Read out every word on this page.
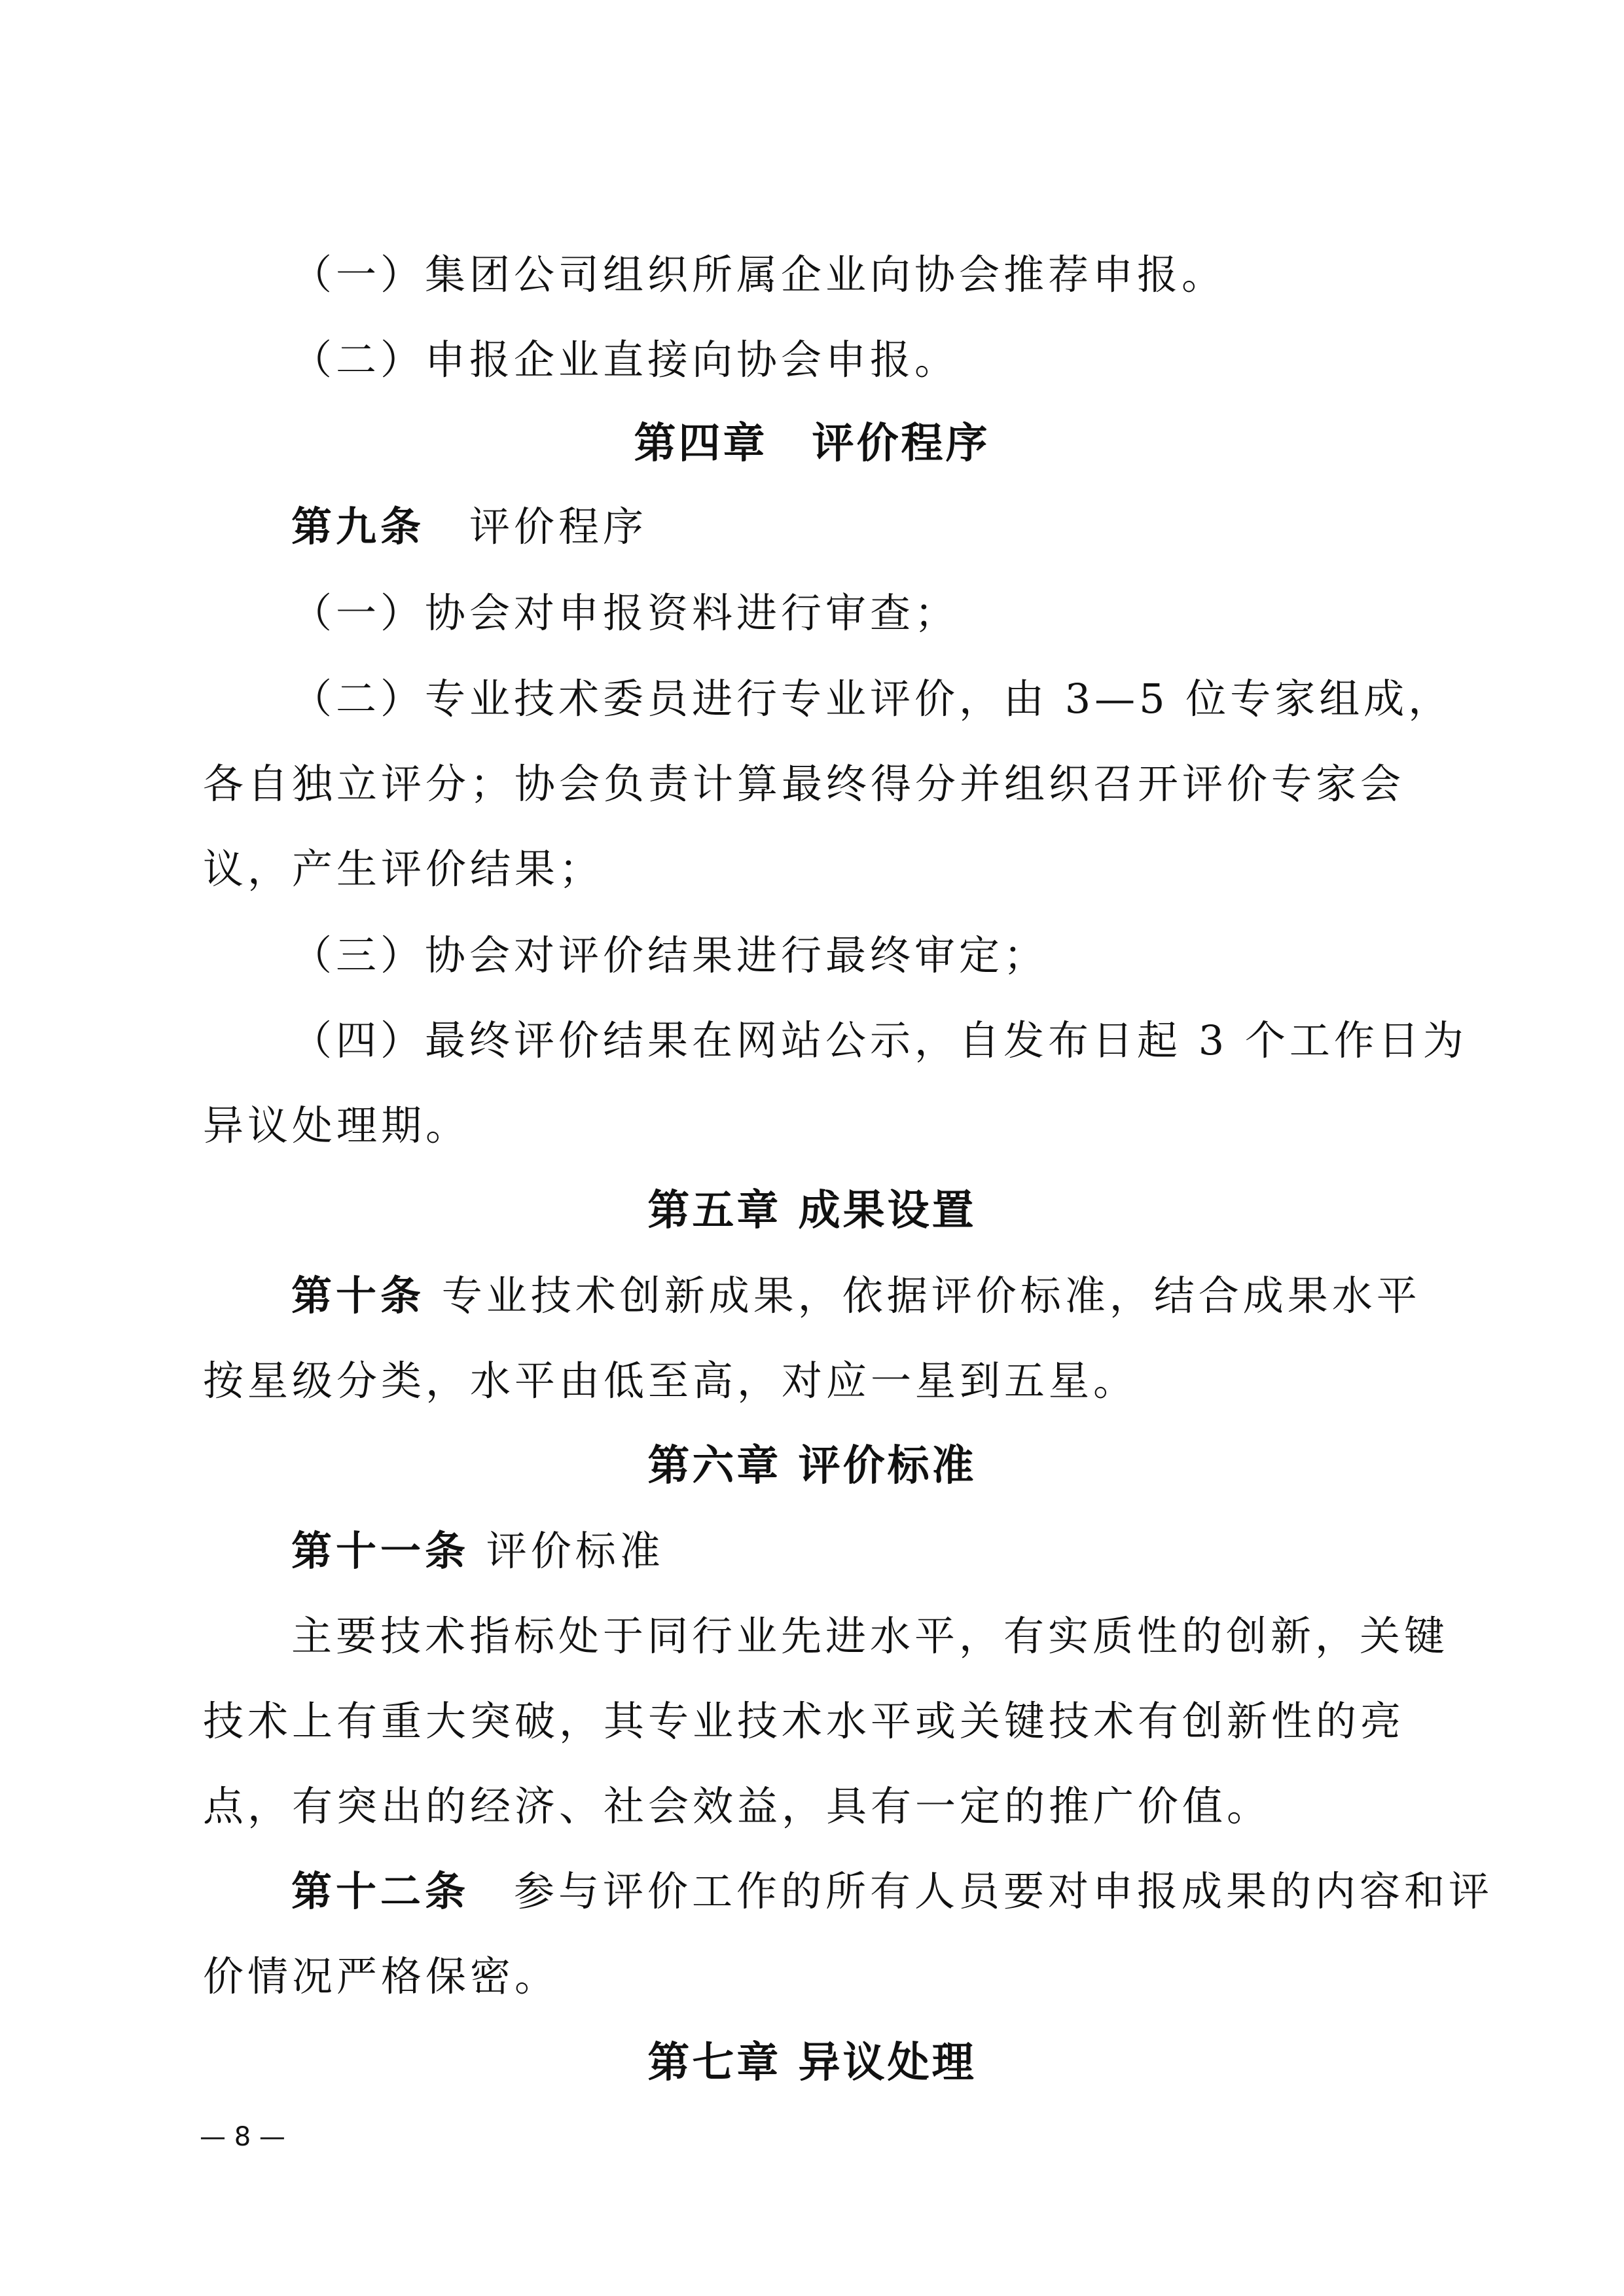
（一）集团公司组织所属企业向协会推荐申报。
（二）申报企业直接向协会申报。
第四章　评价程序
第九条　评价程序
（一）协会对申报资料进行审查；
（二）专业技术委员进行专业评价，由 3—5 位专家组成，
各自独立评分；协会负责计算最终得分并组织召开评价专家会
议，产生评价结果；
（三）协会对评价结果进行最终审定；
（四）最终评价结果在网站公示，自发布日起 3 个工作日为
异议处理期。
第五章 成果设置
第十条 专业技术创新成果，依据评价标准，结合成果水平
按星级分类，水平由低至高，对应一星到五星。
第六章 评价标准
第十一条 评价标准
主要技术指标处于同行业先进水平，有实质性的创新，关键
技术上有重大突破，其专业技术水平或关键技术有创新性的亮
点，有突出的经济、社会效益，具有一定的推广价值。
第十二条　参与评价工作的所有人员要对申报成果的内容和评
价情况严格保密。
第七章 异议处理
— 8 —
